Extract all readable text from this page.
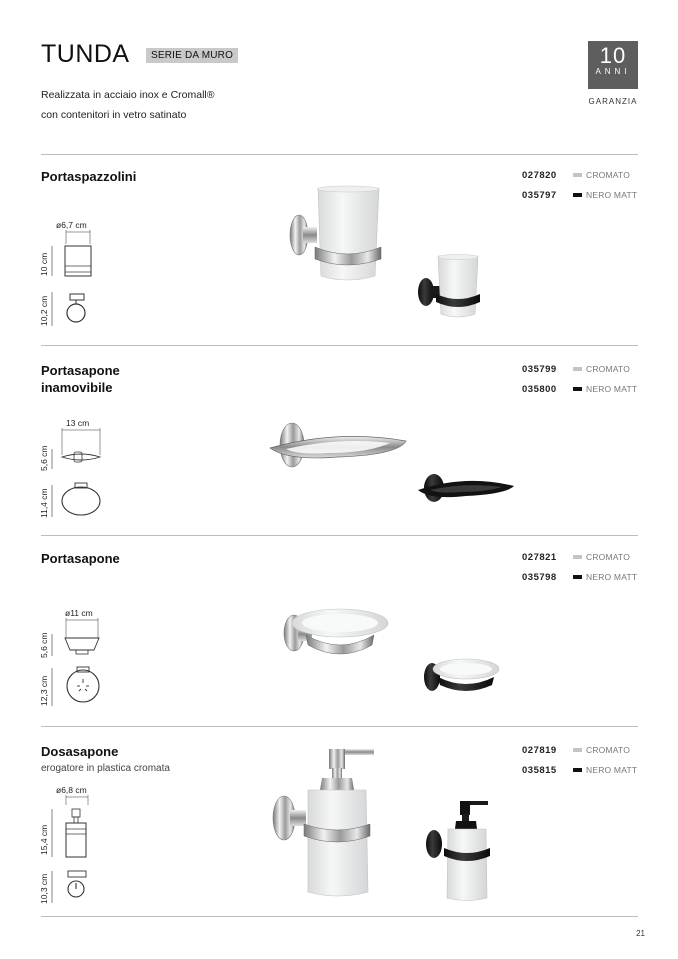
TUNDA	SERIE DA MURO
Realizzata in acciaio inox e Cromall®
con contenitori in vetro satinato
10
ANNI
GARANZIA
Portaspazzolini	027820	CROMATO
035797	NERO MATT
ø6,7 cm
10 cm
10,2 cm
Portasapone
inamovibile
035799	CROMATO
035800	NERO MATT
13 cm
5,6 cm
11,4 cm
Portasapone	027821	CROMATO
035798	NERO MATT
ø11 cm
5,6 cm
12,3 cm
Dosasapone
erogatore in plastica cromata
027819	CROMATO
035815	NERO MATT
ø6,8 cm
15,4 cm
10,3 cm
21
